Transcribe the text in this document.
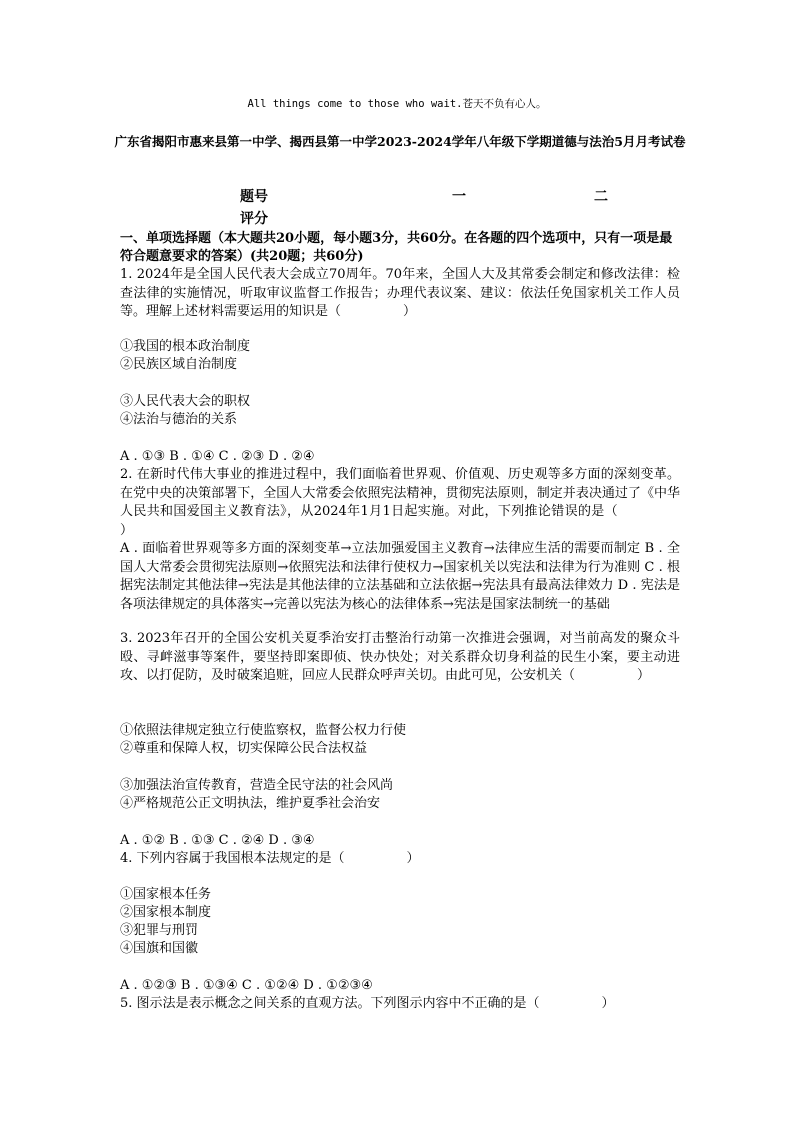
All things come to those who wait.苍天不负有心人。
广东省揭阳市惠来县第一中学、揭西县第一中学2023-2024学年八年级下学期道德与法治5月月考试卷
题号	一	二
评分
一、单项选择题（本大题共20小题，每小题3分，共60分。在各题的四个选项中，只有一项是最符合题意要求的答案）(共20题；共60分)
1. 2024年是全国人民代表大会成立70周年。70年来，全国人大及其常委会制定和修改法律：检查法律的实施情况，听取审议监督工作报告；办理代表议案、建议：依法任免国家机关工作人员等。理解上述材料需要运用的知识是（	）
①我国的根本政治制度
②民族区域自治制度
③人民代表大会的职权
④法治与德治的关系
A . ①③ B . ①④ C . ②③ D . ②④
2. 在新时代伟大事业的推进过程中，我们面临着世界观、价值观、历史观等多方面的深刻变革。在党中央的决策部署下，全国人大常委会依照宪法精神，贯彻宪法原则，制定并表决通过了《中华人民共和国爱国主义教育法》，从2024年1月1日起实施。对此，下列推论错误的是（）
A . 面临着世界观等多方面的深刻变革→立法加强爱国主义教育→法律应生活的需要而制定 B . 全国人大常委会贯彻宪法原则→依照宪法和法律行使权力→国家机关以宪法和法律为行为准则 C . 根据宪法制定其他法律→宪法是其他法律的立法基础和立法依据→宪法具有最高法律效力 D . 宪法是各项法律规定的具体落实→完善以宪法为核心的法律体系→宪法是国家法制统一的基础
3. 2023年召开的全国公安机关夏季治安打击整治行动第一次推进会强调，对当前高发的聚众斗殴、寻衅滋事等案件，要坚持即案即侦、快办快处；对关系群众切身利益的民生小案，要主动进攻、以打促防，及时破案追赃，回应人民群众呼声关切。由此可见，公安机关（	）
①依照法律规定独立行使监察权，监督公权力行使
②尊重和保障人权，切实保障公民合法权益
③加强法治宣传教育，营造全民守法的社会风尚
④严格规范公正文明执法，维护夏季社会治安
A . ①② B . ①③ C . ②④ D . ③④
4. 下列内容属于我国根本法规定的是（	）
①国家根本任务
②国家根本制度
③犯罪与刑罚
④国旗和国徽
A . ①②③ B . ①③④ C . ①②④ D . ①②③④
5. 图示法是表示概念之间关系的直观方法。下列图示内容中不正确的是（	）
